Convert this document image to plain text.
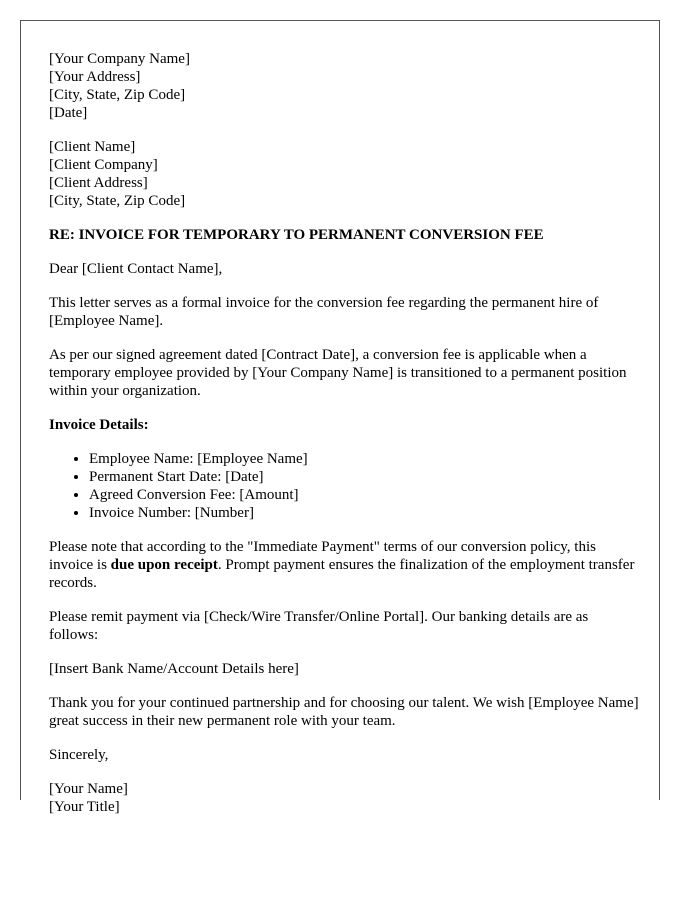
[Your Company Name]
[Your Address]
[City, State, Zip Code]
[Date]
[Client Name]
[Client Company]
[Client Address]
[City, State, Zip Code]
RE: INVOICE FOR TEMPORARY TO PERMANENT CONVERSION FEE

Dear [Client Contact Name],

This letter serves as a formal invoice for the conversion fee regarding the permanent hire of [Employee Name].

As per our signed agreement dated [Contract Date], a conversion fee is applicable when a temporary employee provided by [Your Company Name] is transitioned to a permanent position within your organization.

Invoice Details:
• Employee Name: [Employee Name]
• Permanent Start Date: [Date]
• Agreed Conversion Fee: [Amount]
• Invoice Number: [Number]

Please note that according to the "Immediate Payment" terms of our conversion policy, this invoice is due upon receipt. Prompt payment ensures the finalization of the employment transfer records.

Please remit payment via [Check/Wire Transfer/Online Portal]. Our banking details are as follows:

[Insert Bank Name/Account Details here]

Thank you for your continued partnership and for choosing our talent. We wish [Employee Name] great success in their new permanent role with your team.

Sincerely,

[Your Name]
[Your Title]
